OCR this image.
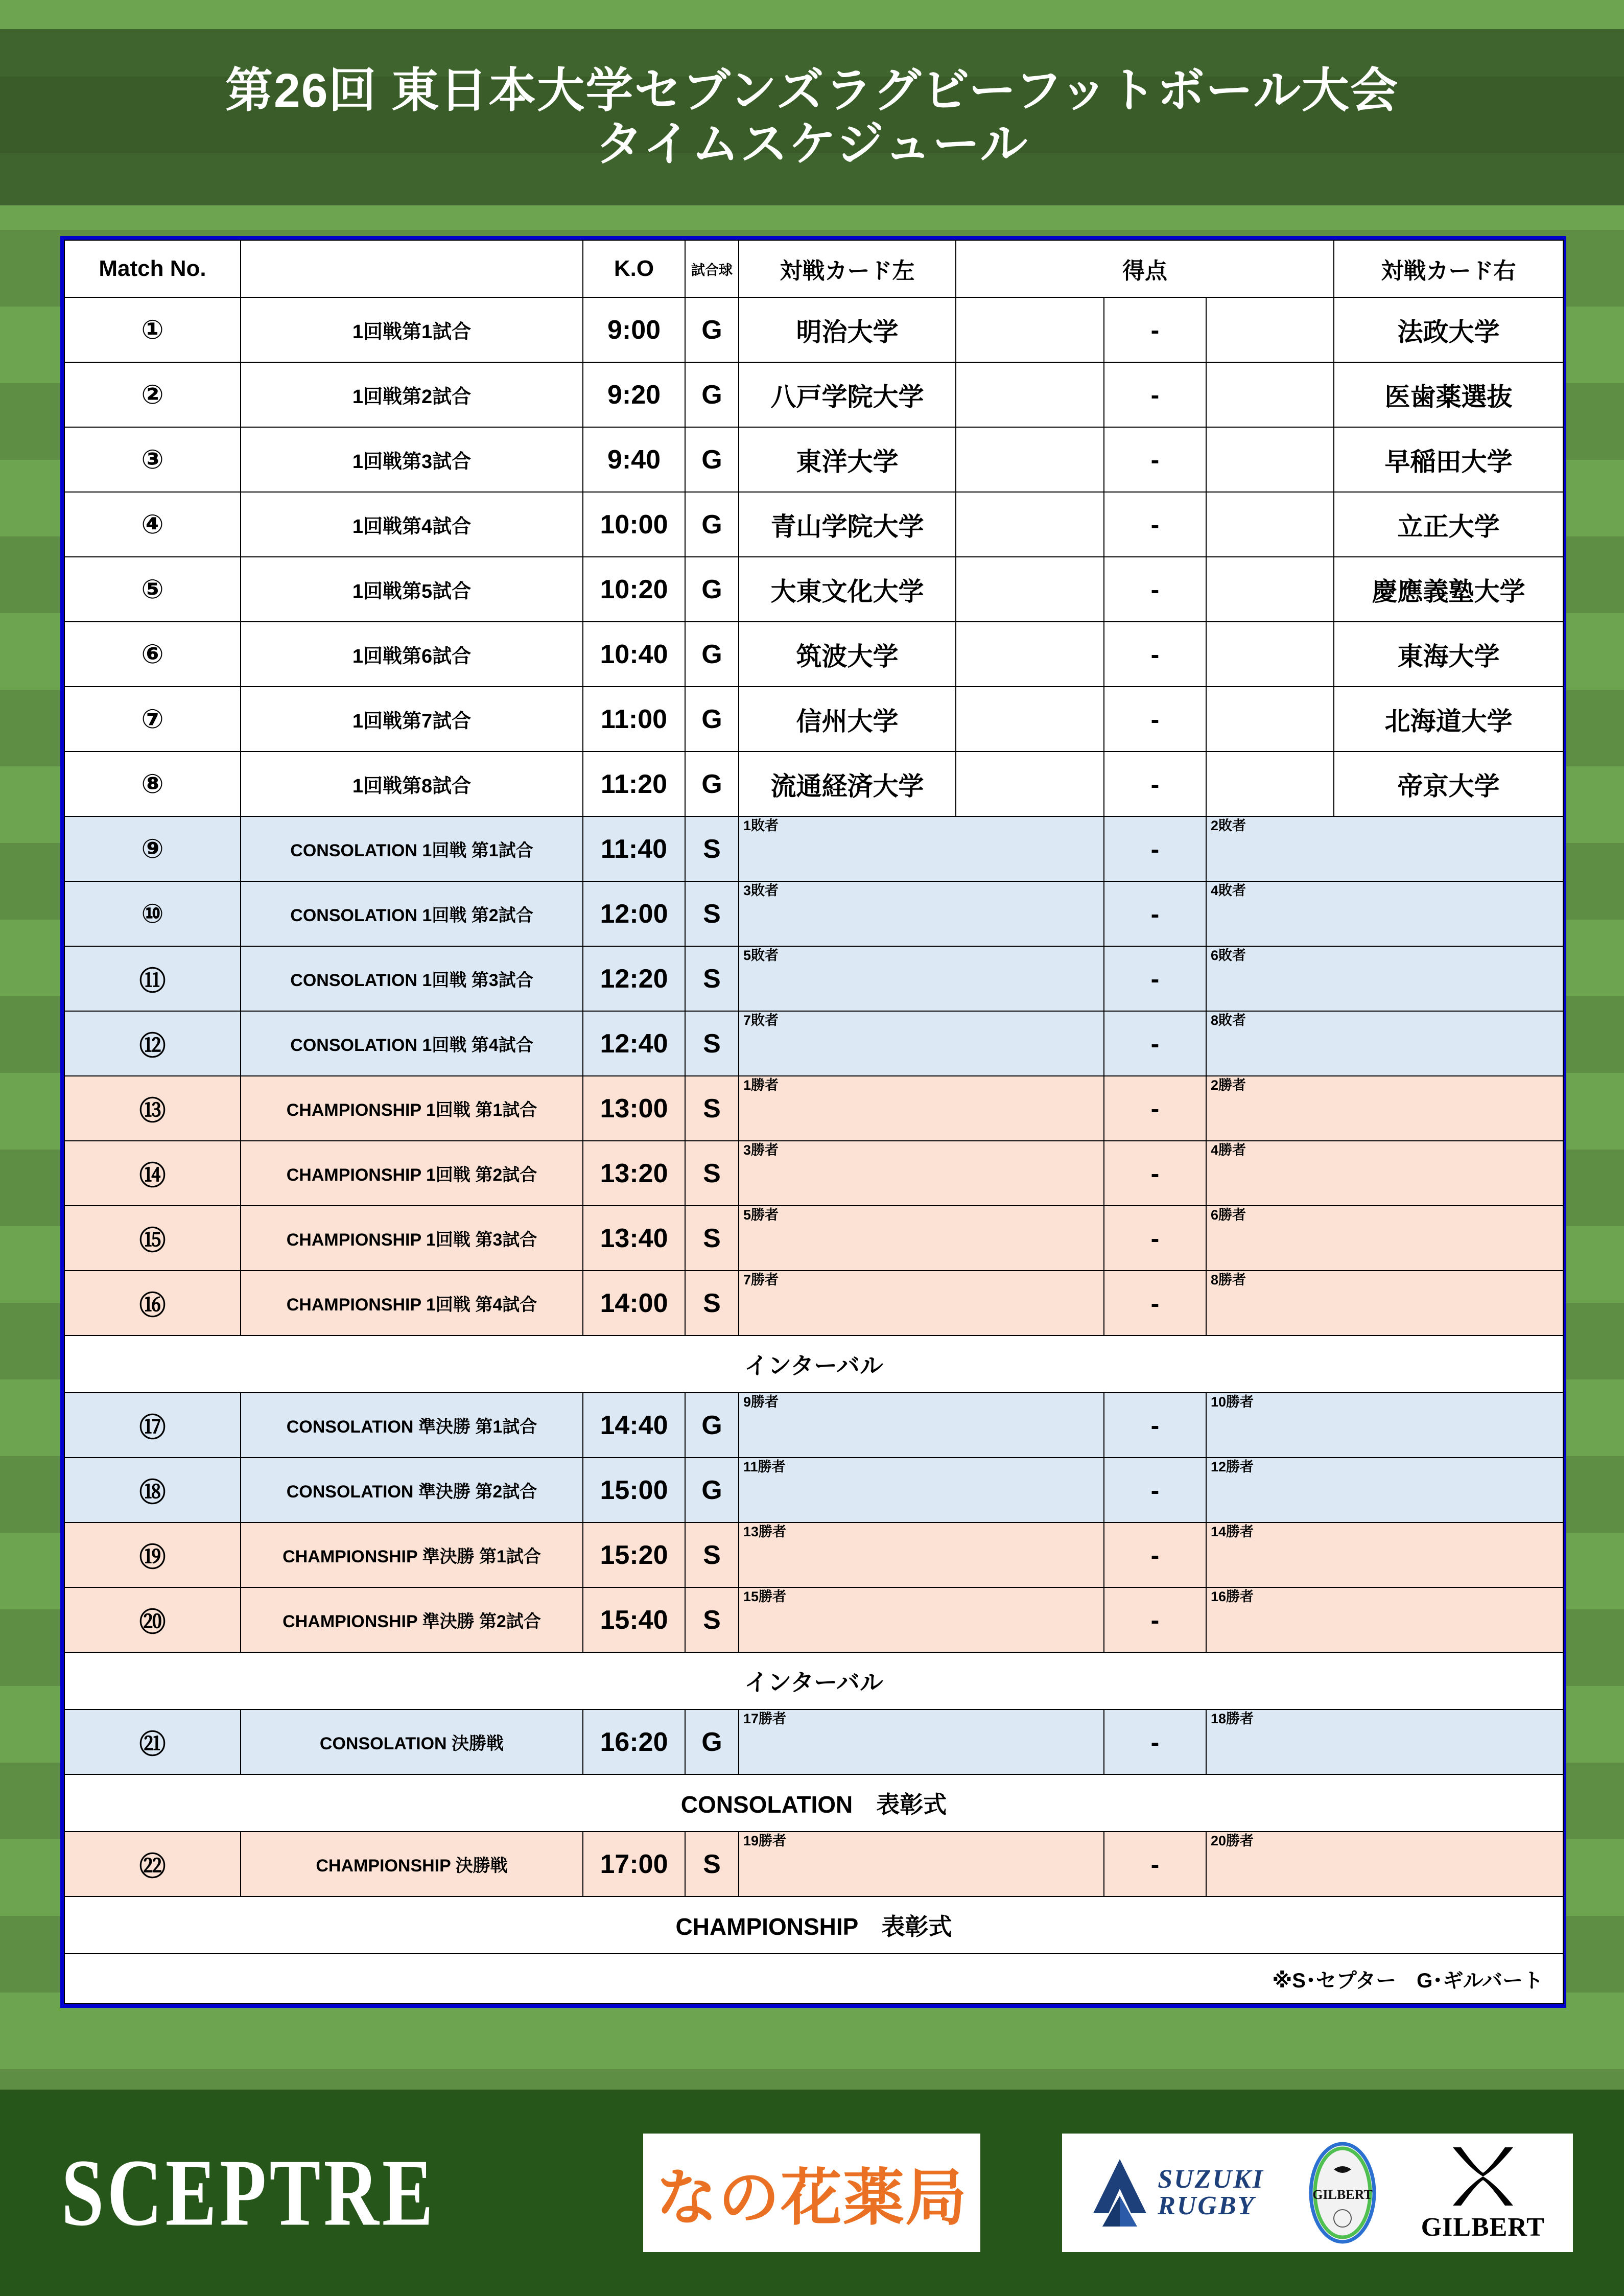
第26回 東日本大学セブンズラグビーフットボール大会
タイムスケジュール
Match No.		K.O	試合球	対戦カード左	得点			対戦カード右
①	1回戦第1試合	9:00	G	明治大学		-		法政大学
②	1回戦第2試合	9:20	G	八戸学院大学		-		医歯薬選抜
③	1回戦第3試合	9:40	G	東洋大学		-		早稲田大学
④	1回戦第4試合	10:00	G	青山学院大学		-		立正大学
⑤	1回戦第5試合	10:20	G	大東文化大学		-		慶應義塾大学
⑥	1回戦第6試合	10:40	G	筑波大学		-		東海大学
⑦	1回戦第7試合	11:00	G	信州大学		-		北海道大学
⑧	1回戦第8試合	11:20	G	流通経済大学		-		帝京大学
⑨	CONSOLATION 1回戦 第1試合	11:40	S	1敗者		-	2敗者	

⑩	CONSOLATION 1回戦 第2試合	12:00	S	3敗者		-	4敗者	

⑪	CONSOLATION 1回戦 第3試合	12:20	S	5敗者		-	6敗者	

⑫	CONSOLATION 1回戦 第4試合	12:40	S	7敗者		-	8敗者	

⑬	CHAMPIONSHIP 1回戦 第1試合	13:00	S	1勝者		-	2勝者	

⑭	CHAMPIONSHIP 1回戦 第2試合	13:20	S	3勝者		-	4勝者	

⑮	CHAMPIONSHIP 1回戦 第3試合	13:40	S	5勝者		-	6勝者	

⑯	CHAMPIONSHIP 1回戦 第4試合	14:00	S	7勝者		-	8勝者	

インターバル								
⑰	CONSOLATION 準決勝 第1試合	14:40	G	9勝者		-	10勝者	

⑱	CONSOLATION 準決勝 第2試合	15:00	G	11勝者		-	12勝者	

⑲	CHAMPIONSHIP 準決勝 第1試合	15:20	S	13勝者		-	14勝者	

⑳	CHAMPIONSHIP 準決勝 第2試合	15:40	S	15勝者		-	16勝者	

インターバル								
㉑	CONSOLATION 決勝戦	16:20	G	17勝者		-	18勝者	

CONSOLATION　表彰式								
㉒	CHAMPIONSHIP 決勝戦	17:00	S	19勝者		-	20勝者	

CHAMPIONSHIP　表彰式								
※S･セプター　G･ギルバート								
SCEPTRE	なの花薬局	SUZUKI
RUGBY	GILBERT
GILBERT
